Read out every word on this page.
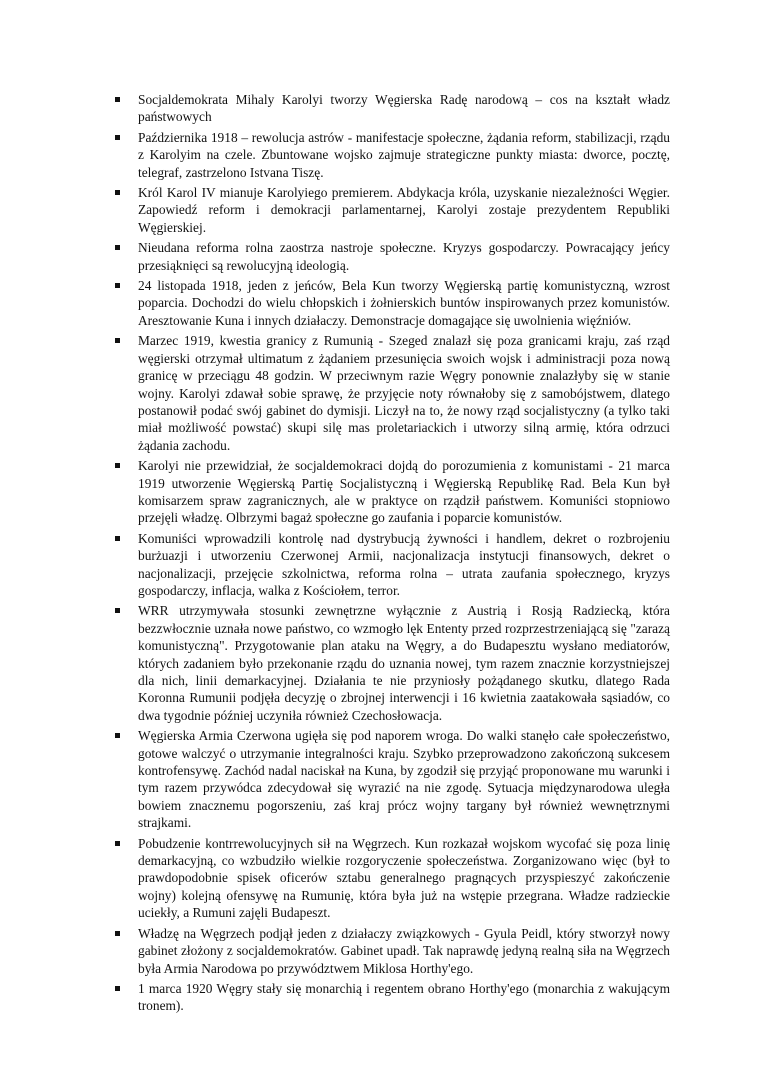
Socjaldemokrata Mihaly Karolyi tworzy Węgierska Radę narodową – cos na kształt władz państwowych
Października 1918 – rewolucja astrów - manifestacje społeczne, żądania reform, stabilizacji, rządu z Karolyim na czele. Zbuntowane wojsko zajmuje strategiczne punkty miasta: dworce, pocztę, telegraf, zastrzelono Istvana Tiszę.
Król Karol IV mianuje Karolyiego premierem. Abdykacja króla, uzyskanie niezależności Węgier. Zapowiedź reform i demokracji parlamentarnej, Karolyi zostaje prezydentem Republiki Węgierskiej.
Nieudana reforma rolna zaostrza nastroje społeczne. Kryzys gospodarczy. Powracający jeńcy przesiąknięci są rewolucyjną ideologią.
24 listopada 1918, jeden z jeńców, Bela Kun tworzy Węgierską partię komunistyczną, wzrost poparcia. Dochodzi do wielu chłopskich i żołnierskich buntów inspirowanych przez komunistów. Aresztowanie Kuna i innych działaczy. Demonstracje domagające się uwolnienia więźniów.
Marzec 1919, kwestia granicy z Rumunią - Szeged znalazł się poza granicami kraju, zaś rząd węgierski otrzymał ultimatum z żądaniem przesunięcia swoich wojsk i administracji poza nową granicę w przeciągu 48 godzin. W przeciwnym razie Węgry ponownie znalazłyby się w stanie wojny. Karolyi zdawał sobie sprawę, że przyjęcie noty równałoby się z samobójstwem, dlatego postanowił podać swój gabinet do dymisji. Liczył na to, że nowy rząd socjalistyczny (a tylko taki miał możliwość powstać) skupi silę mas proletariackich i utworzy silną armię, która odrzuci żądania zachodu.
Karolyi nie przewidział, że socjaldemokraci dojdą do porozumienia z komunistami - 21 marca 1919 utworzenie Węgierską Partię Socjalistyczną i Węgierską Republikę Rad. Bela Kun był komisarzem spraw zagranicznych, ale w praktyce on rządził państwem. Komuniści stopniowo przejęli władzę. Olbrzymi bagaż społeczne go zaufania i poparcie komunistów.
Komuniści wprowadzili kontrolę nad dystrybucją żywności i handlem, dekret o rozbrojeniu burżuazji i utworzeniu Czerwonej Armii, nacjonalizacja instytucji finansowych, dekret o nacjonalizacji, przejęcie szkolnictwa, reforma rolna – utrata zaufania społecznego, kryzys gospodarczy, inflacja, walka z Kościołem, terror.
WRR utrzymywała stosunki zewnętrzne wyłącznie z Austrią i Rosją Radziecką, która bezzwłocznie uznała nowe państwo, co wzmogło lęk Ententy przed rozprzestrzeniającą się "zarazą komunistyczną". Przygotowanie plan ataku na Węgry, a do Budapesztu wysłano mediatorów, których zadaniem było przekonanie rządu do uznania nowej, tym razem znacznie korzystniejszej dla nich, linii demarkacyjnej. Działania te nie przyniosły pożądanego skutku, dlatego Rada Koronna Rumunii podjęła decyzję o zbrojnej interwencji i 16 kwietnia zaatakowała sąsiadów, co dwa tygodnie później uczyniła również Czechosłowacja.
Węgierska Armia Czerwona ugięła się pod naporem wroga. Do walki stanęło całe społeczeństwo, gotowe walczyć o utrzymanie integralności kraju. Szybko przeprowadzono zakończoną sukcesem kontrofensywę. Zachód nadal naciskał na Kuna, by zgodził się przyjąć proponowane mu warunki i tym razem przywódca zdecydował się wyrazić na nie zgodę. Sytuacja międzynarodowa uległa bowiem znacznemu pogorszeniu, zaś kraj prócz wojny targany był również wewnętrznymi strajkami.
Pobudzenie kontrrewolucyjnych sił na Węgrzech. Kun rozkazał wojskom wycofać się poza linię demarkacyjną, co wzbudziło wielkie rozgoryczenie społeczeństwa. Zorganizowano więc (był to prawdopodobnie spisek oficerów sztabu generalnego pragnących przyspieszyć zakończenie wojny) kolejną ofensywę na Rumunię, która była już na wstępie przegrana. Władze radzieckie uciekły, a Rumuni zajęli Budapeszt.
Władzę na Węgrzech podjął jeden z działaczy związkowych - Gyula Peidl, który stworzył nowy gabinet złożony z socjaldemokratów. Gabinet upadł. Tak naprawdę jedyną realną siła na Węgrzech była Armia Narodowa po przywództwem Miklosa Horthy'ego.
1 marca 1920 Węgry stały się monarchią i regentem obrano Horthy'ego (monarchia z wakującym tronem).
